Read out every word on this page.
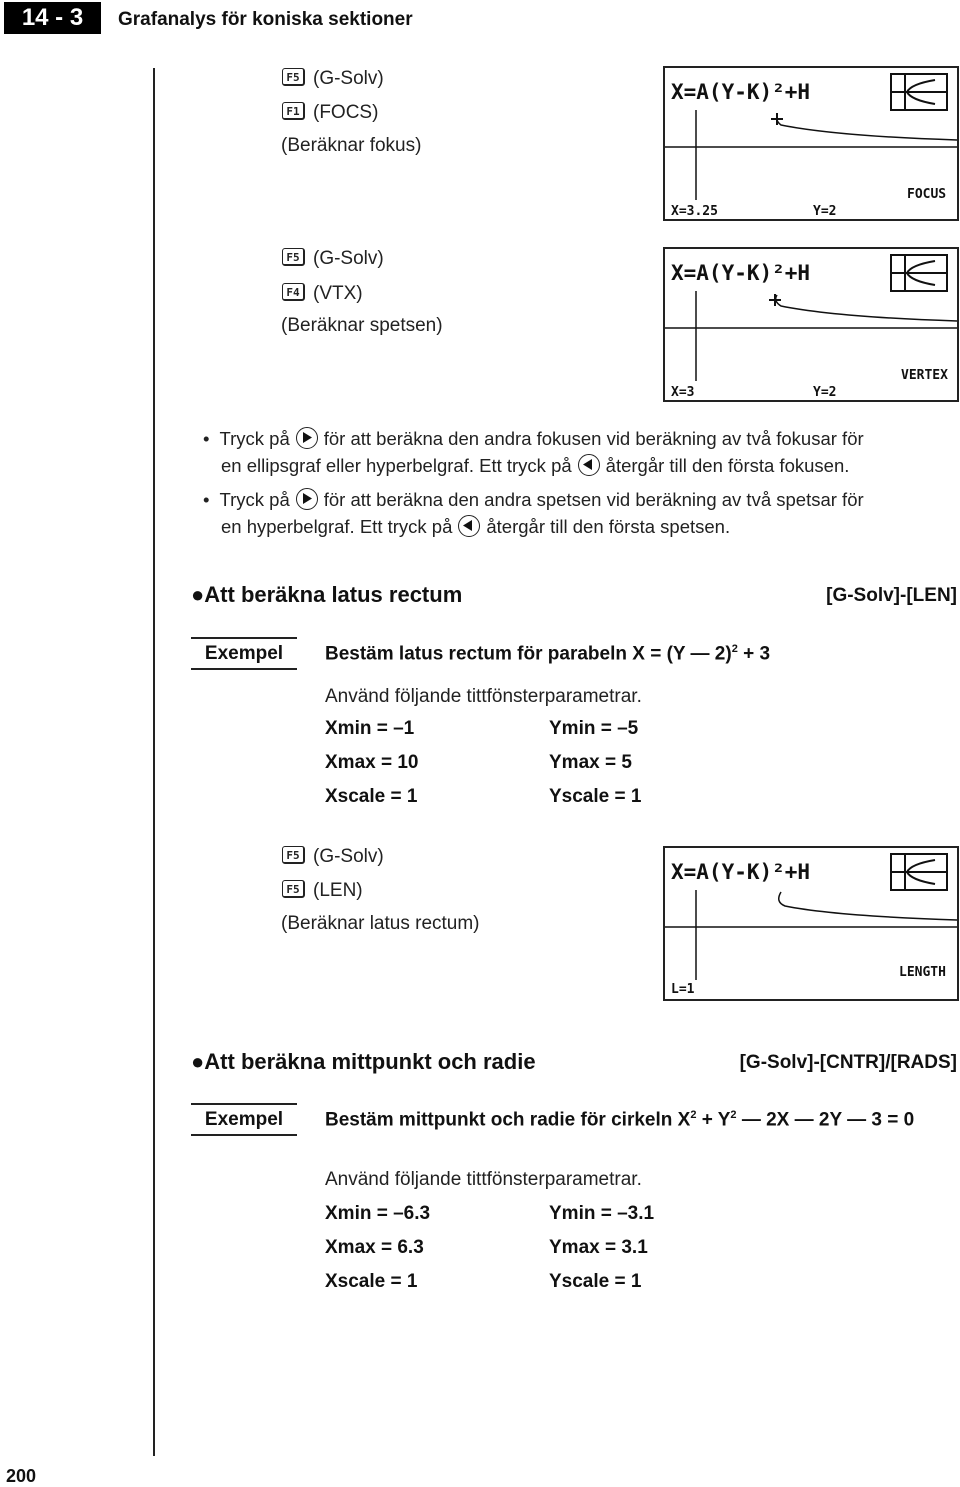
14 - 3	Grafanalys för koniska sektioner
F5 (G-Solv)
F1 (FOCS)
(Beräknar fokus)
X=A(Y-K)²+H
FOCUS
X=3.25	Y=2
F5 (G-Solv)
F4 (VTX)
(Beräknar spetsen)
X=A(Y-K)²+H
VERTEX
X=3	Y=2
• Tryck på för att beräkna den andra fokusen vid beräkning av två fokusar för
en ellipsgraf eller hyperbelgraf. Ett tryck på återgår till den första fokusen.
• Tryck på för att beräkna den andra spetsen vid beräkning av två spetsar för
en hyperbelgraf. Ett tryck på återgår till den första spetsen.
●Att beräkna latus rectum	[G-Solv]-[LEN]
Exempel	Bestäm latus rectum för parabeln X = (Y — 2)$^2$ + 3
Använd följande tittfönsterparametrar.
Xmin = –1	Ymin = –5
Xmax = 10	Ymax = 5
Xscale = 1	Yscale = 1
F5 (G-Solv)
F5 (LEN)
(Beräknar latus rectum)
X=A(Y-K)²+H
LENGTH
L=1
●Att beräkna mittpunkt och radie	[G-Solv]-[CNTR]/[RADS]
Exempel	Bestäm mittpunkt och radie för cirkeln $X^2 + Y^2$ — 2X — 2Y — 3 = 0
Använd följande tittfönsterparametrar.
Xmin = –6.3	Ymin = –3.1
Xmax = 6.3	Ymax = 3.1
Xscale = 1	Yscale = 1
200
